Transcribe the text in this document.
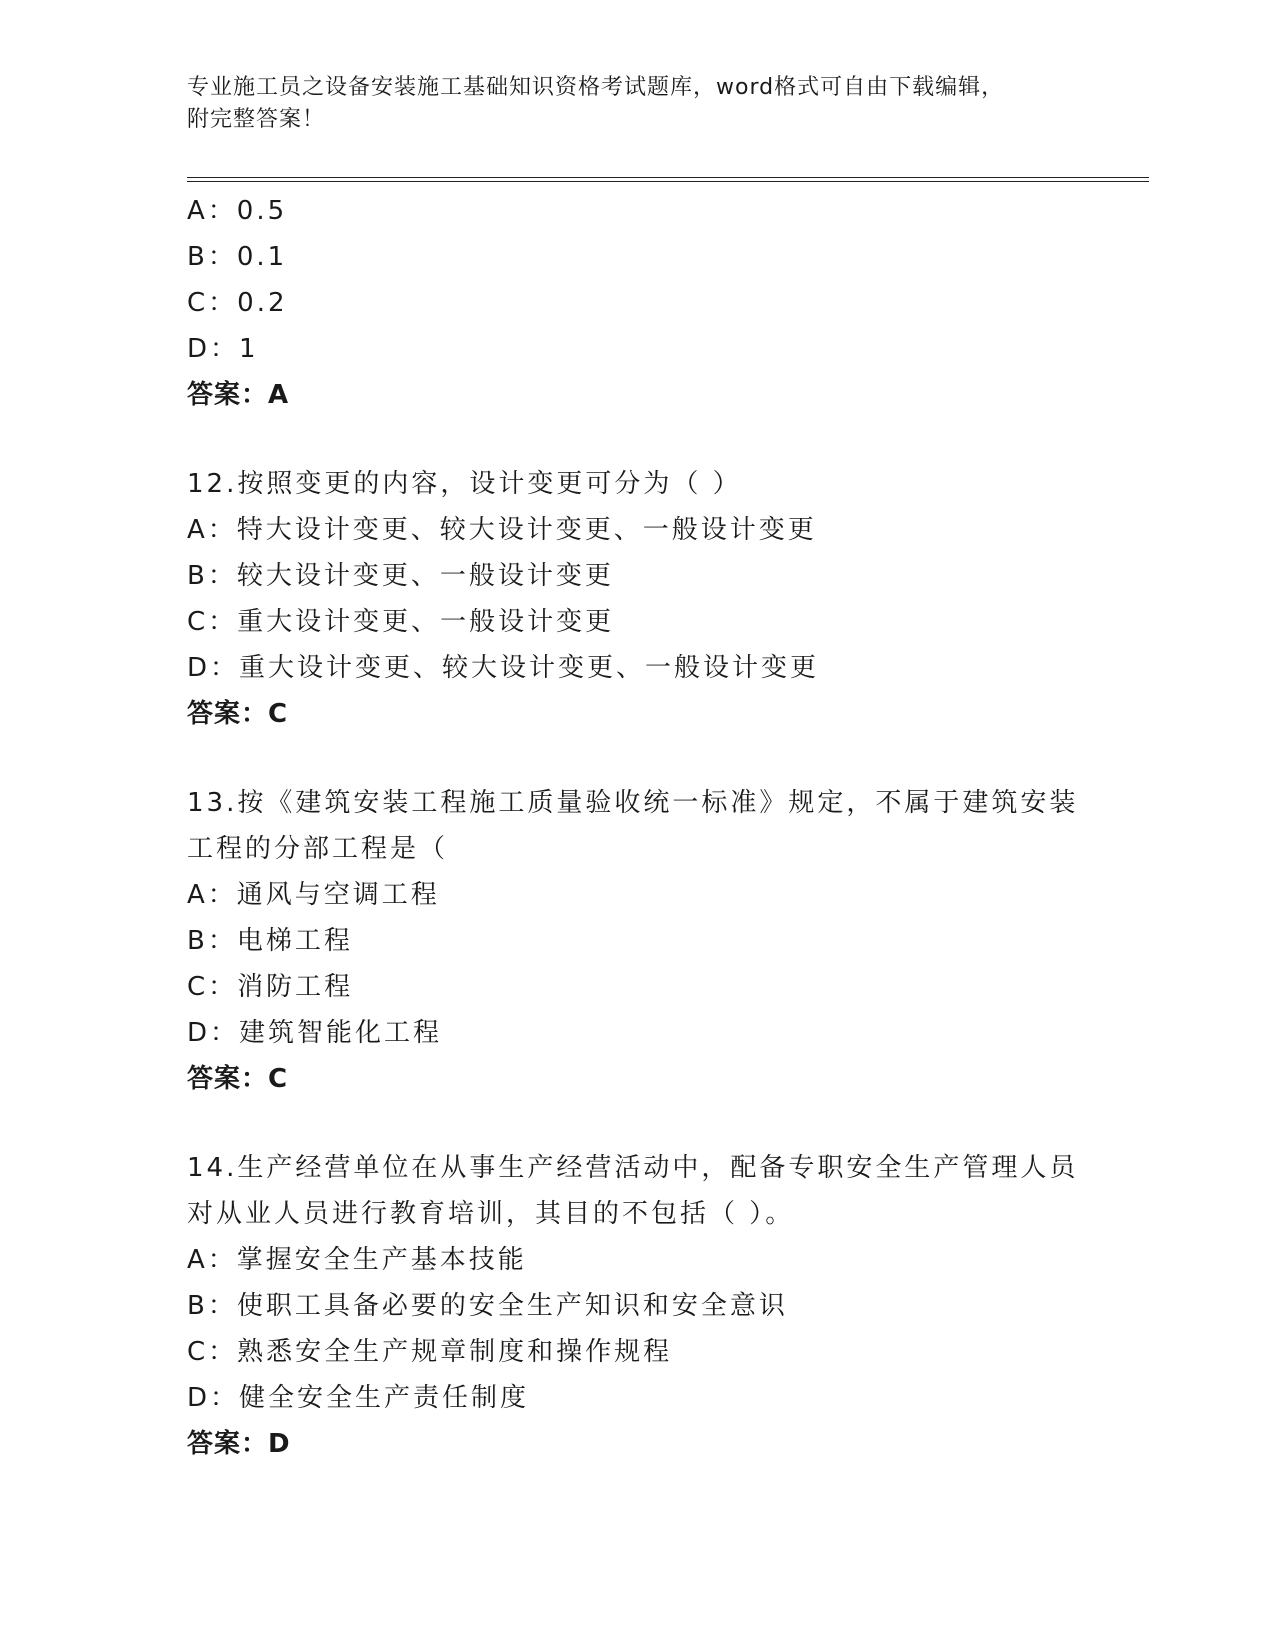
专业施工员之设备安装施工基础知识资格考试题库，word格式可自由下载编辑，
附完整答案！
A：0.5
B：0.1
C：0.2
D：1
答案：A
12.按照变更的内容，设计变更可分为（ ）
A：特大设计变更、较大设计变更、一般设计变更
B：较大设计变更、一般设计变更
C：重大设计变更、一般设计变更
D：重大设计变更、较大设计变更、一般设计变更
答案：C
13.按《建筑安装工程施工质量验收统一标准》规定，不属于建筑安装
工程的分部工程是（
A：通风与空调工程
B：电梯工程
C：消防工程
D：建筑智能化工程
答案：C
14.生产经营单位在从事生产经营活动中，配备专职安全生产管理人员
对从业人员进行教育培训，其目的不包括（ ）。
A：掌握安全生产基本技能
B：使职工具备必要的安全生产知识和安全意识
C：熟悉安全生产规章制度和操作规程
D：健全安全生产责任制度
答案：D
